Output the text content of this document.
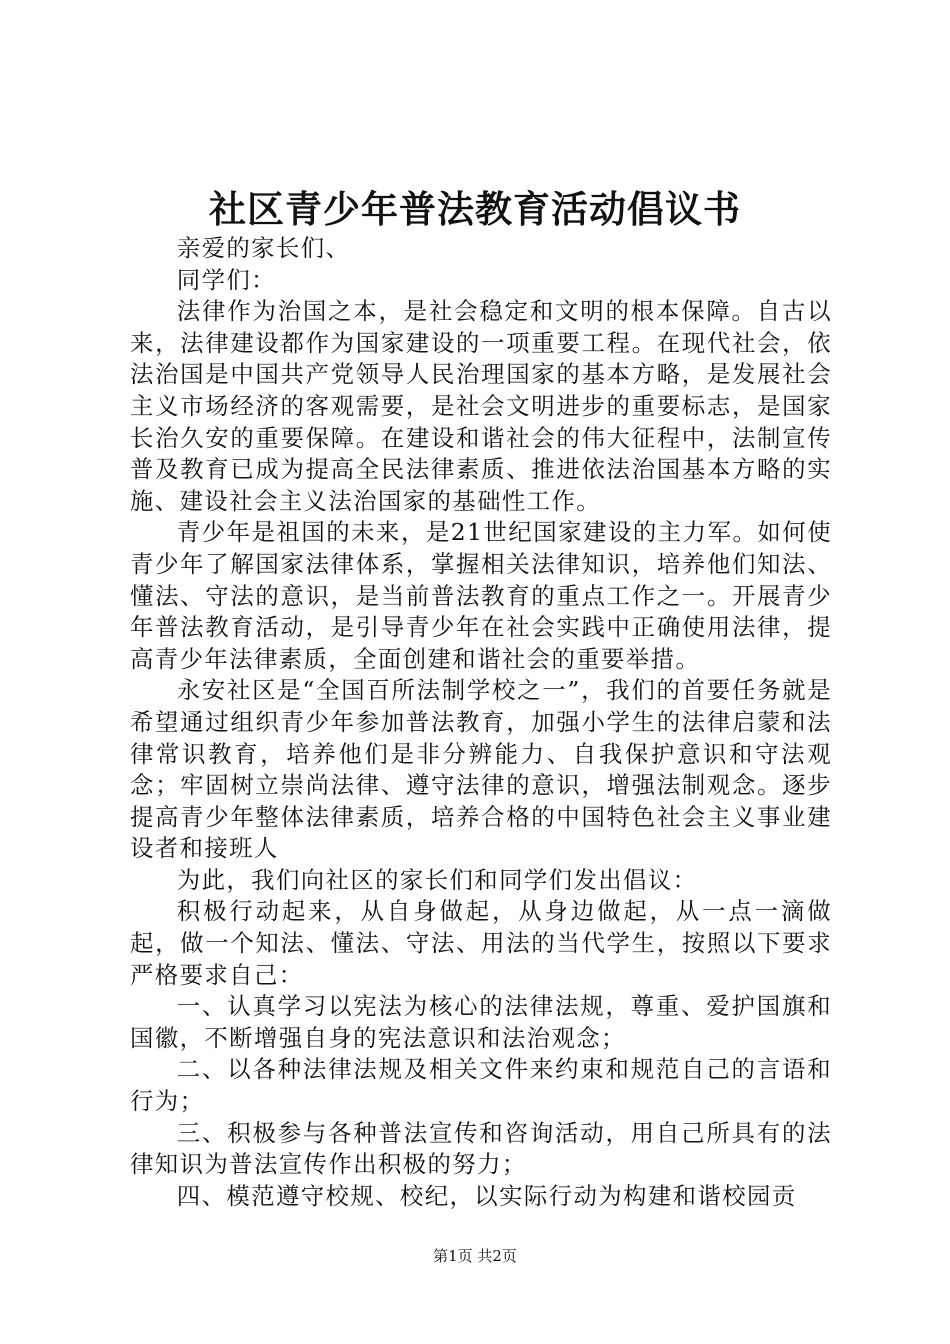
社区青少年普法教育活动倡议书

亲爱的家长们、

同学们：

法律作为治国之本，是社会稳定和文明的根本保障。自古以来，法律建设都作为国家建设的一项重要工程。在现代社会，依法治国是中国共产党领导人民治理国家的基本方略，是发展社会主义市场经济的客观需要，是社会文明进步的重要标志，是国家长治久安的重要保障。在建设和谐社会的伟大征程中，法制宣传普及教育已成为提高全民法律素质、推进依法治国基本方略的实施、建设社会主义法治国家的基础性工作。

青少年是祖国的未来，是21世纪国家建设的主力军。如何使青少年了解国家法律体系，掌握相关法律知识，培养他们知法、懂法、守法的意识，是当前普法教育的重点工作之一。开展青少年普法教育活动，是引导青少年在社会实践中正确使用法律，提高青少年法律素质，全面创建和谐社会的重要举措。

永安社区是“全国百所法制学校之一”，我们的首要任务就是希望通过组织青少年参加普法教育，加强小学生的法律启蒙和法律常识教育，培养他们是非分辨能力、自我保护意识和守法观念；牢固树立崇尚法律、遵守法律的意识，增强法制观念。逐步提高青少年整体法律素质，培养合格的中国特色社会主义事业建设者和接班人

为此，我们向社区的家长们和同学们发出倡议：

积极行动起来，从自身做起，从身边做起，从一点一滴做起，做一个知法、懂法、守法、用法的当代学生，按照以下要求严格要求自己：

一、认真学习以宪法为核心的法律法规，尊重、爱护国旗和国徽，不断增强自身的宪法意识和法治观念；

二、以各种法律法规及相关文件来约束和规范自己的言语和行为；

三、积极参与各种普法宣传和咨询活动，用自己所具有的法律知识为普法宣传作出积极的努力；

四、模范遵守校规、校纪，以实际行动为构建和谐校园贡

第1页 共2页
